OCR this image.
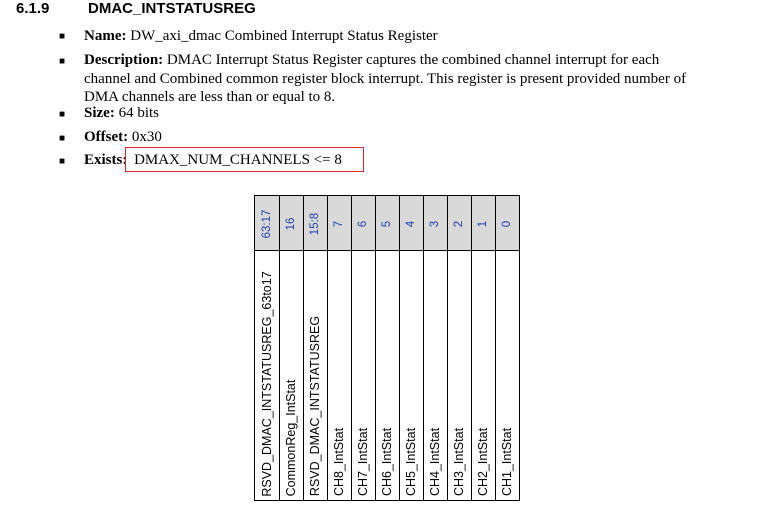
6.1.9	DMAC_INTSTATUSREG
■ Name: DW_axi_dmac Combined Interrupt Status Register
■ Description: DMAC Interrupt Status Register captures the combined channel interrupt for each
channel and Combined common register block interrupt. This register is present provided number of
DMA channels are less than or equal to 8.
■ Size: 64 bits
■ Offset: 0x30
■ Exists: DMAX_NUM_CHANNELS <= 8
63:17
RSVD_DMAC_INTSTATUSREG_63to17
16
CommonReg_IntStat
15:8
RSVD_DMAC_INTSTATUSREG
7
CH8_IntStat
6
CH7_IntStat
5
CH6_IntStat
4
CH5_IntStat
3
CH4_IntStat
2
CH3_IntStat
1
CH2_IntStat
0
CH1_IntStat
